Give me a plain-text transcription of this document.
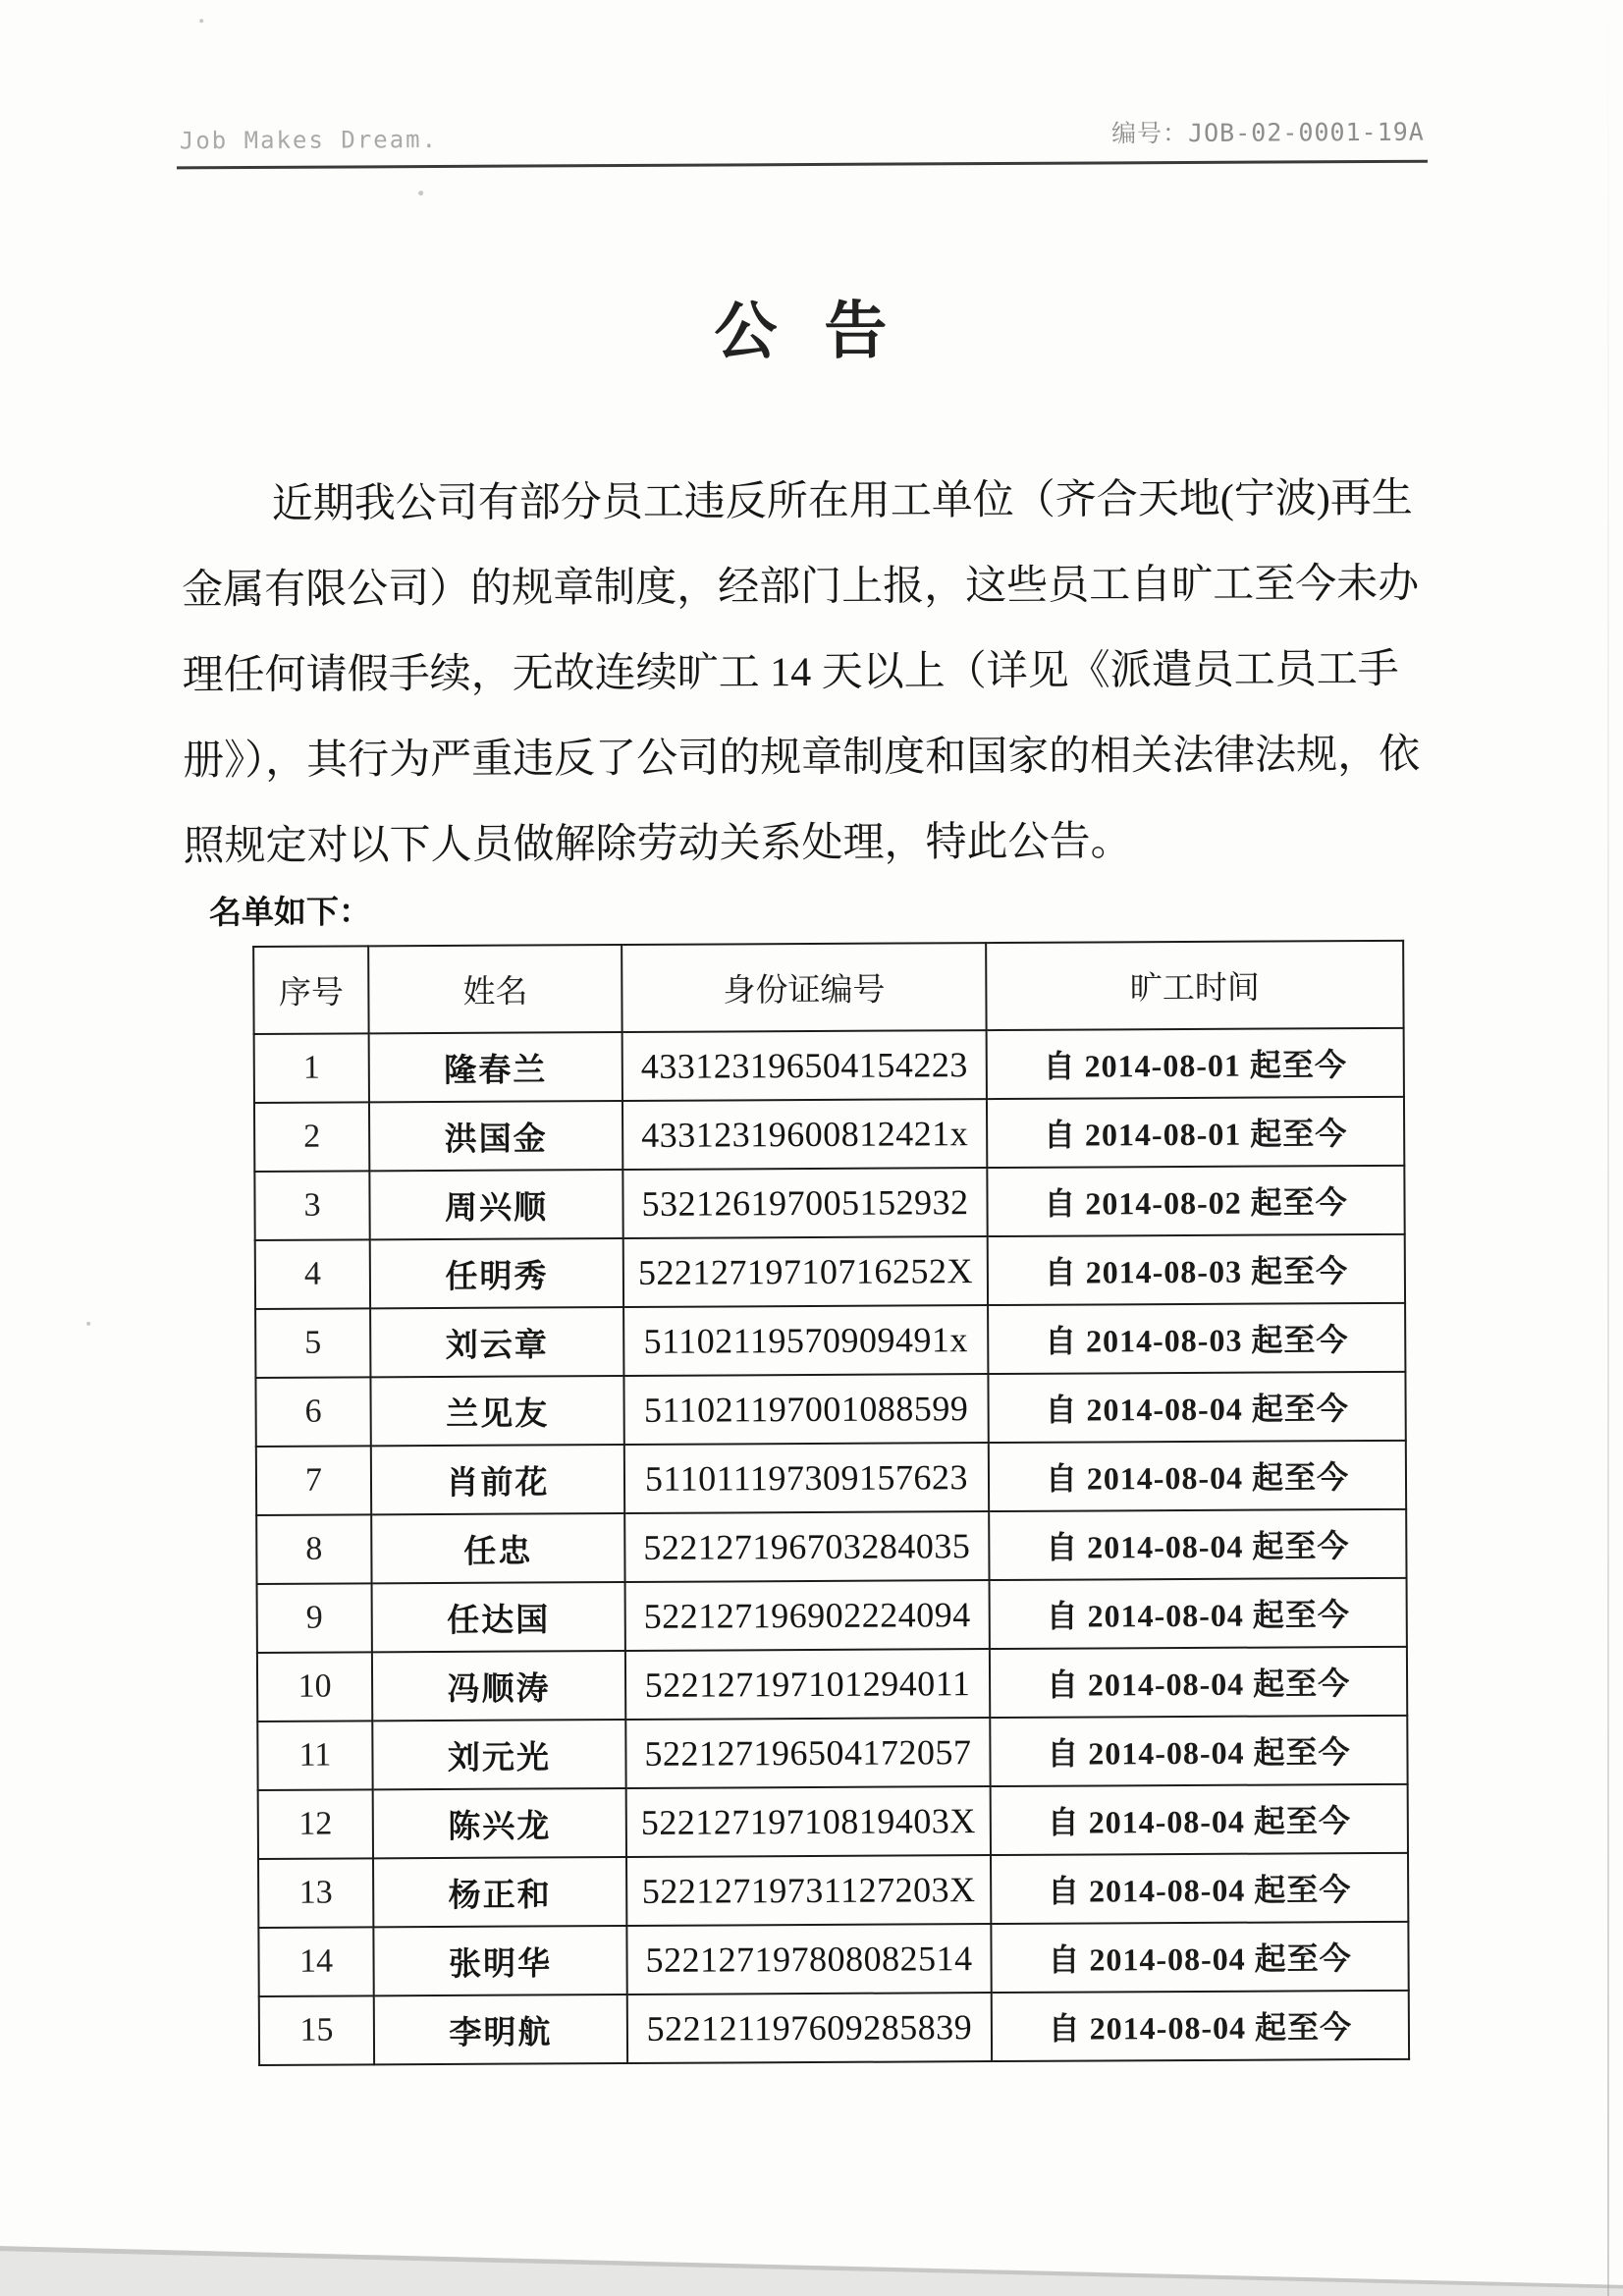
Job Makes Dream.	编号：JOB-02-0001-19A
公 告
近期我公司有部分员工违反所在用工单位（齐合天地(宁波)再生
金属有限公司）的规章制度，经部门上报，这些员工自旷工至今未办
理任何请假手续，无故连续旷工 14 天以上（详见《派遣员工员工手
册》），其行为严重违反了公司的规章制度和国家的相关法律法规，依
照规定对以下人员做解除劳动关系处理，特此公告。
名单如下：
序号	姓名	身份证编号	旷工时间
1	隆春兰	433123196504154223	自 2014-08-01 起至今
2	洪国金	43312319600812421x	自 2014-08-01 起至今
3	周兴顺	532126197005152932	自 2014-08-02 起至今
4	任明秀	52212719710716252X	自 2014-08-03 起至今
5	刘云章	51102119570909491x	自 2014-08-03 起至今
6	兰见友	511021197001088599	自 2014-08-04 起至今
7	肖前花	511011197309157623	自 2014-08-04 起至今
8	任忠	522127196703284035	自 2014-08-04 起至今
9	任达国	522127196902224094	自 2014-08-04 起至今
10	冯顺涛	522127197101294011	自 2014-08-04 起至今
11	刘元光	522127196504172057	自 2014-08-04 起至今
12	陈兴龙	52212719710819403X	自 2014-08-04 起至今
13	杨正和	52212719731127203X	自 2014-08-04 起至今
14	张明华	522127197808082514	自 2014-08-04 起至今
15	李明航	522121197609285839	自 2014-08-04 起至今
